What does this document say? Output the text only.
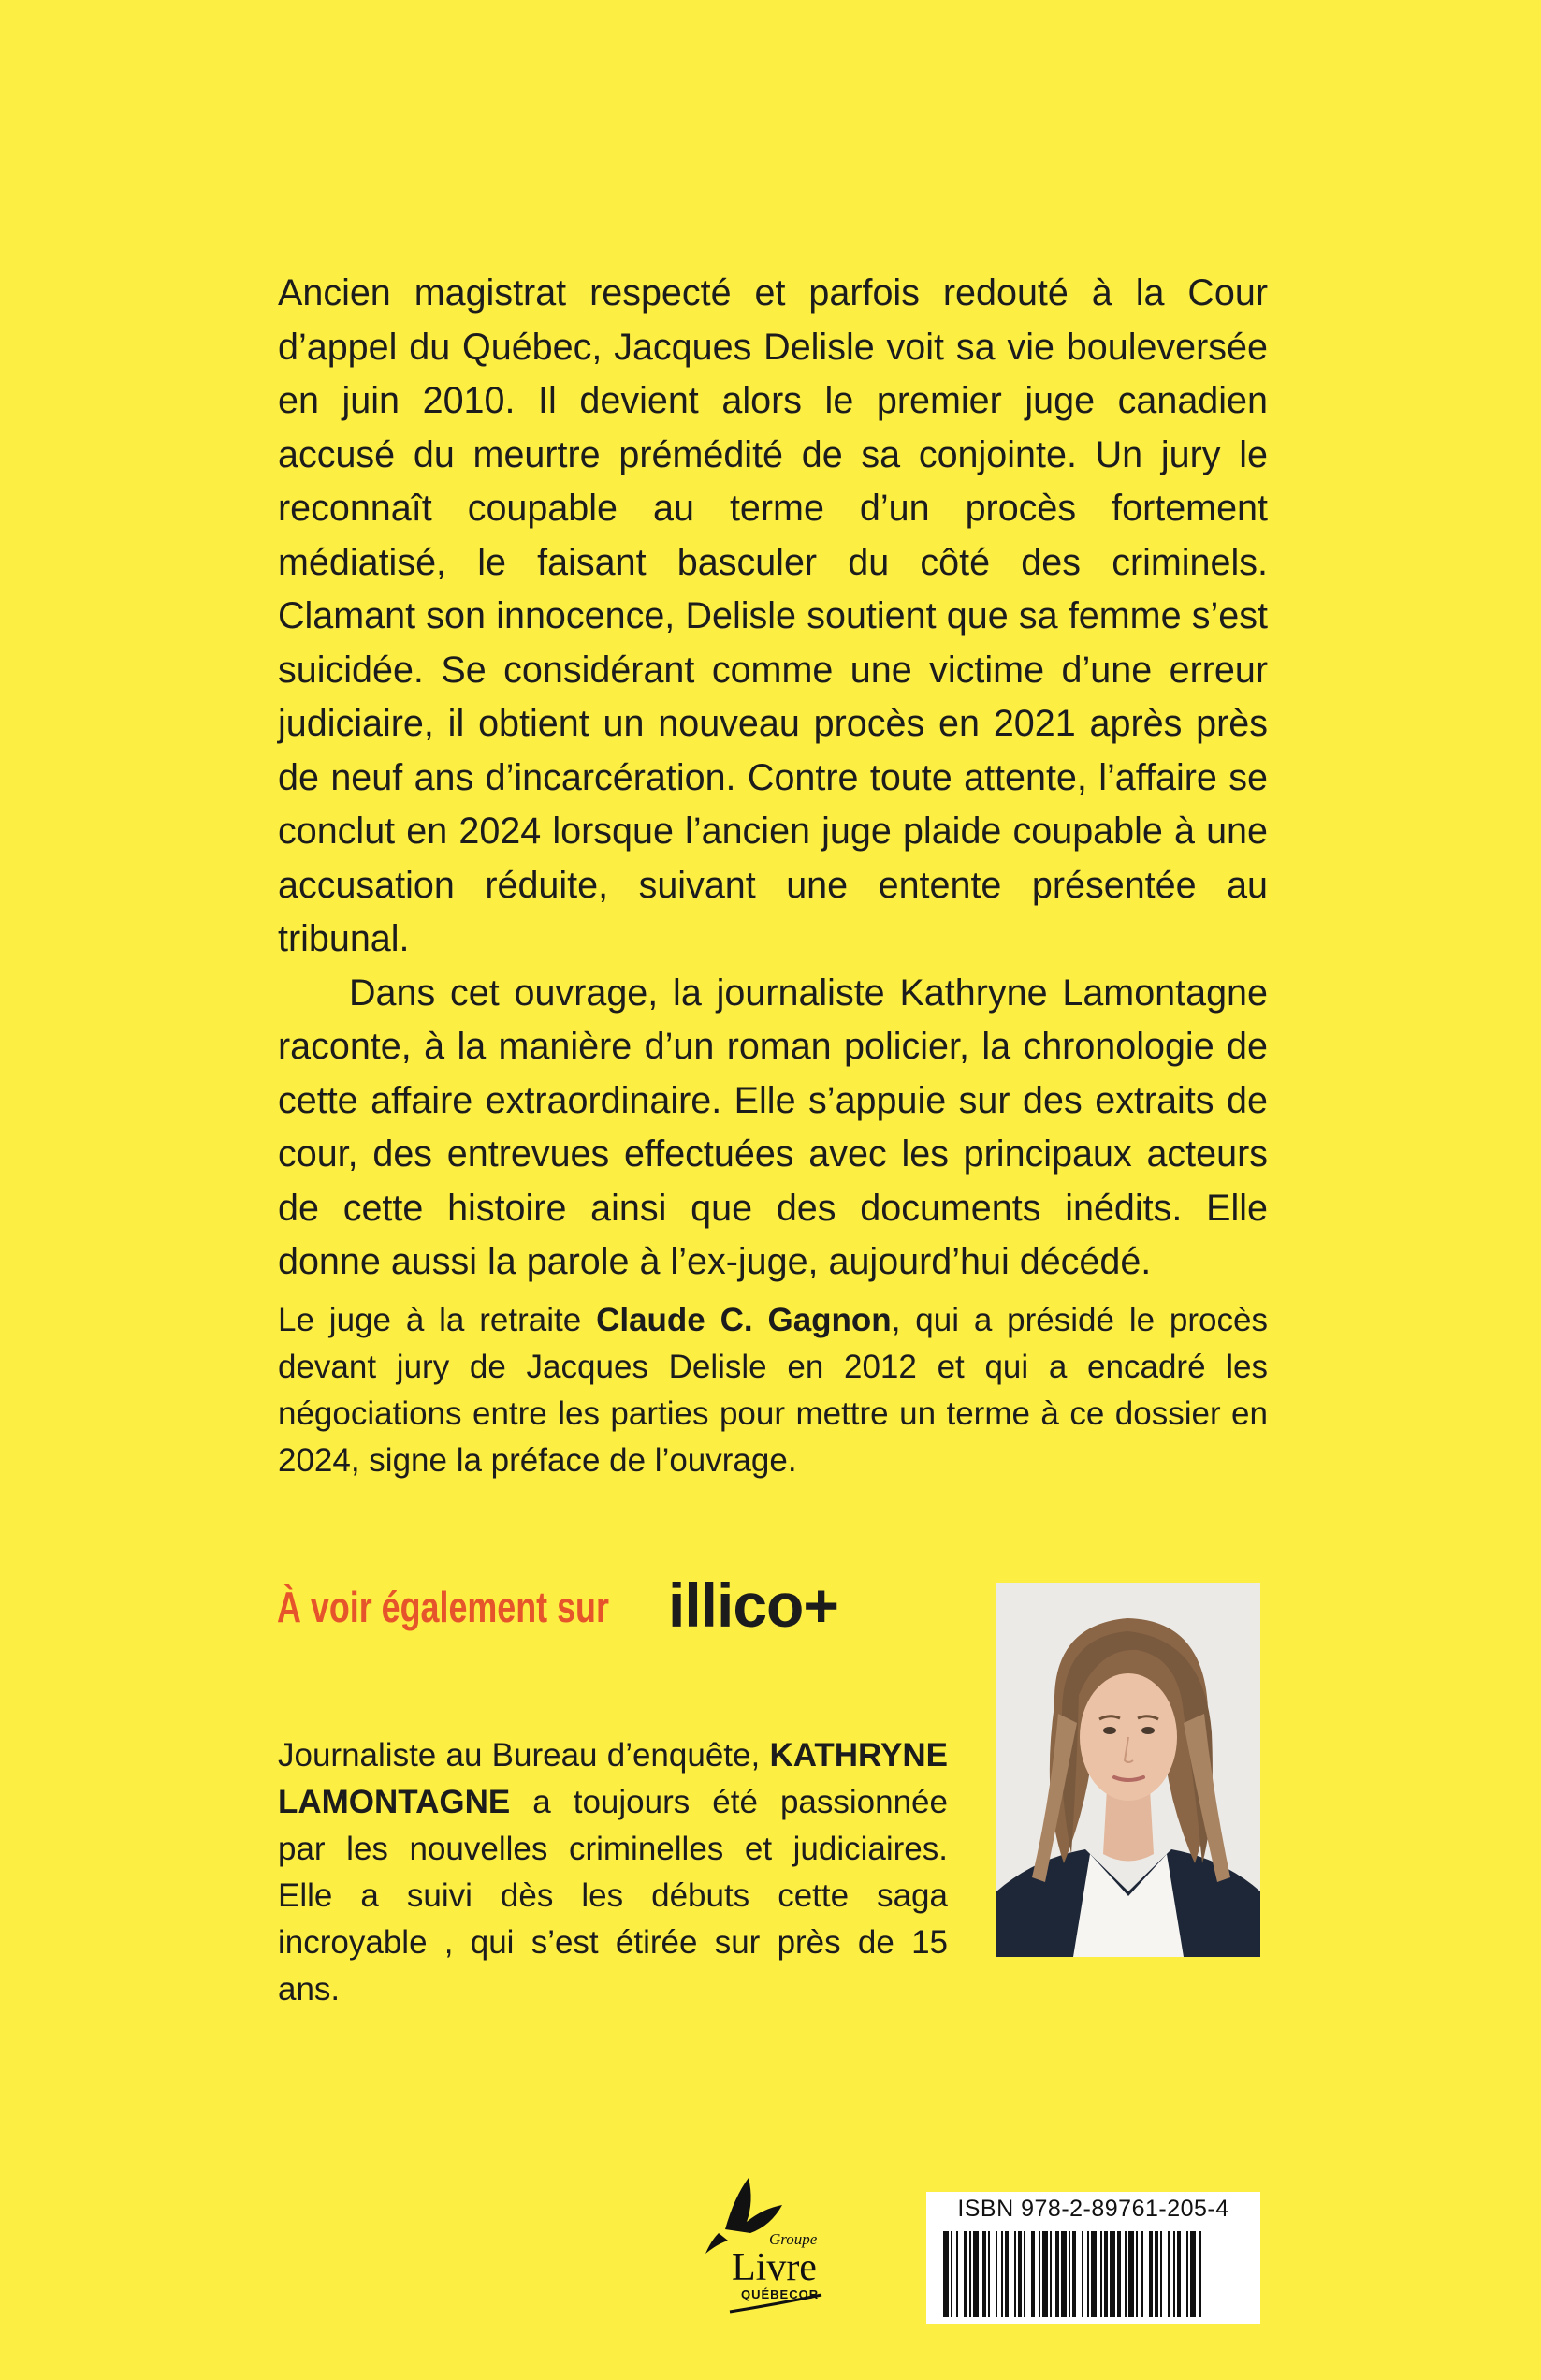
Ancien magistrat respecté et parfois redouté à la Cour d’appel du Québec, Jacques Delisle voit sa vie bouleversée en juin 2010. Il devient alors le premier juge canadien accusé du meurtre prémédité de sa conjointe. Un jury le reconnaît coupable au terme d’un procès fortement médiatisé, le faisant basculer du côté des criminels. Clamant son innocence, Delisle soutient que sa femme s’est suicidée. Se considérant comme une victime d’une erreur judiciaire, il obtient un nouveau procès en 2021 après près de neuf ans d’incarcération. Contre toute attente, l’affaire se conclut en 2024 lorsque l’ancien juge plaide coupable à une accusation réduite, suivant une entente présentée au tribunal.

Dans cet ouvrage, la journaliste Kathryne Lamontagne raconte, à la manière d’un roman policier, la chronologie de cette affaire extraordinaire. Elle s’appuie sur des extraits de cour, des entrevues effectuées avec les principaux acteurs de cette histoire ainsi que des documents inédits. Elle donne aussi la parole à l’ex-juge, aujourd’hui décédé.

Le juge à la retraite Claude C. Gagnon, qui a présidé le procès devant jury de Jacques Delisle en 2012 et qui a encadré les négociations entre les parties pour mettre un terme à ce dossier en 2024, signe la préface de l’ouvrage.

À voir également sur illico+

Journaliste au Bureau d’enquête, KATHRYNE LAMONTAGNE a toujours été passionnée par les nouvelles criminelles et judiciaires. Elle a suivi dès les débuts cette saga incroyable , qui s’est étirée sur près de 15 ans.

Groupe
Livre
QUÉBECOR
ISBN 978-2-89761-205-4
